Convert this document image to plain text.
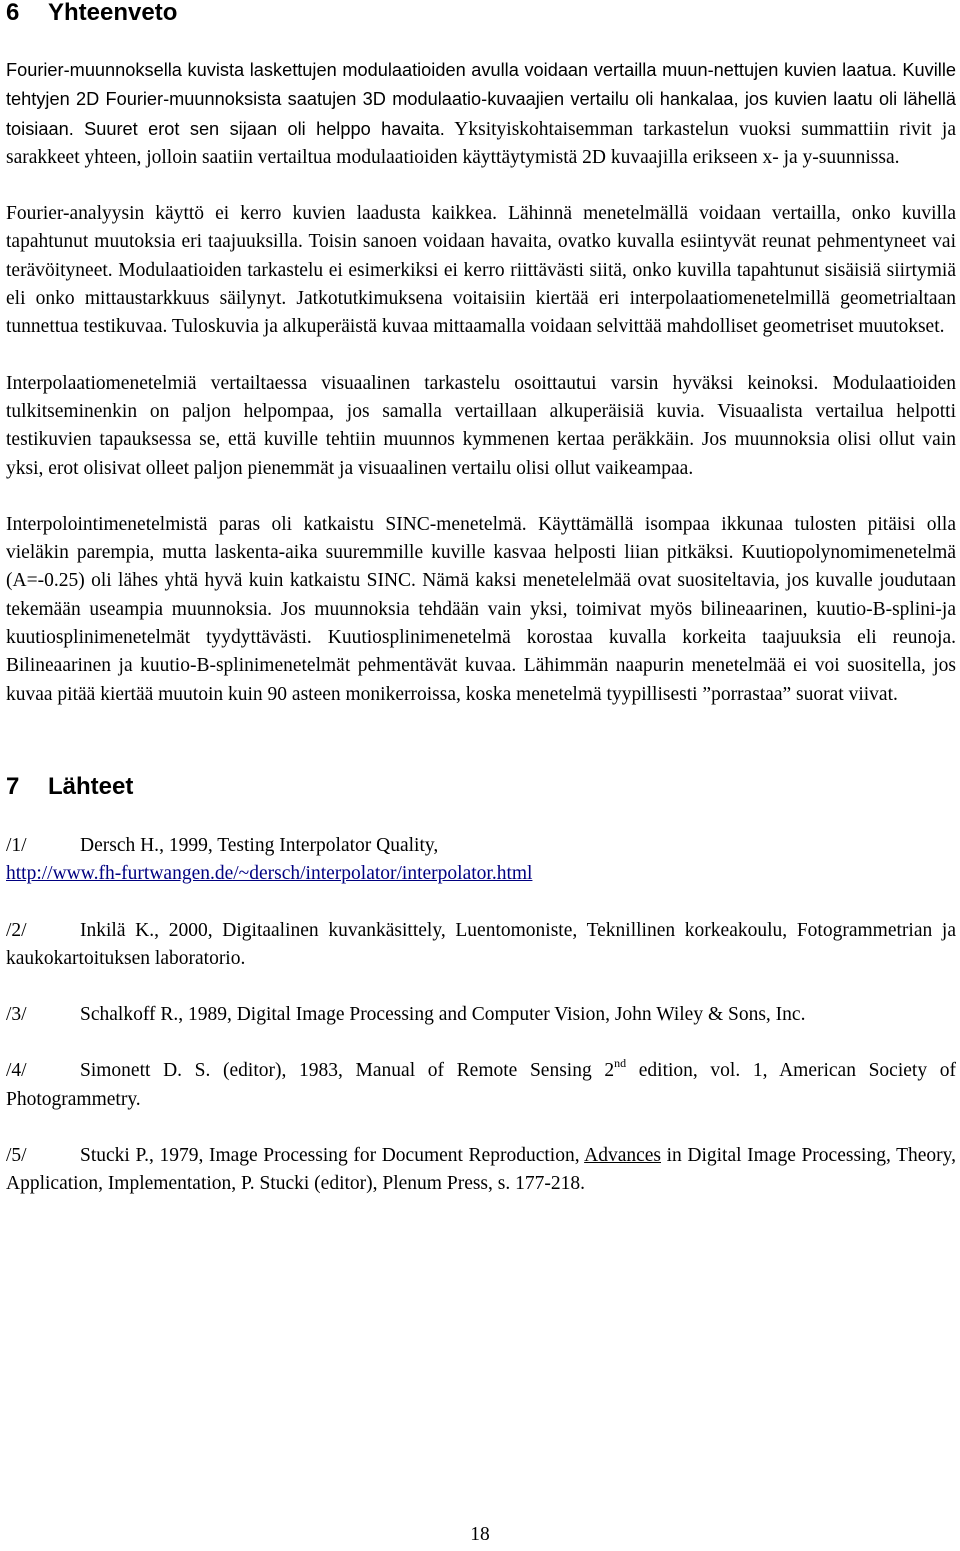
6 Yhteenveto

Fourier-muunnoksella kuvista laskettujen modulaatioiden avulla voidaan vertailla muun-nettujen kuvien laatua. Kuville tehtyjen 2D Fourier-muunnoksista saatujen 3D modulaatio-kuvaajien vertailu oli hankalaa, jos kuvien laatu oli lähellä toisiaan. Suuret erot sen sijaan oli helppo havaita. Yksityiskohtaisemman tarkastelun vuoksi summattiin rivit ja sarakkeet yhteen, jolloin saatiin vertailtua modulaatioiden käyttäytymistä 2D kuvaajilla erikseen x- ja y-suunnissa.

Fourier-analyysin käyttö ei kerro kuvien laadusta kaikkea. Lähinnä menetelmällä voidaan vertailla, onko kuvilla tapahtunut muutoksia eri taajuuksilla. Toisin sanoen voidaan havaita, ovatko kuvalla esiintyvät reunat pehmentyneet vai terävöityneet. Modulaatioiden tarkastelu ei esimerkiksi ei kerro riittävästi siitä, onko kuvilla tapahtunut sisäisiä siirtymiä eli onko mittaustarkkuus säilynyt. Jatkotutkimuksena voitaisiin kiertää eri interpolaatiomenetelmillä geometrialtaan tunnettua testikuvaa. Tuloskuvia ja alkuperäistä kuvaa mittaamalla voidaan selvittää mahdolliset geometriset muutokset.

Interpolaatiomenetelmiä vertailtaessa visuaalinen tarkastelu osoittautui varsin hyväksi keinoksi. Modulaatioiden tulkitseminenkin on paljon helpompaa, jos samalla vertaillaan alkuperäisiä kuvia. Visuaalista vertailua helpotti testikuvien tapauksessa se, että kuville tehtiin muunnos kymmenen kertaa peräkkäin. Jos muunnoksia olisi ollut vain yksi, erot olisivat olleet paljon pienemmät ja visuaalinen vertailu olisi ollut vaikeampaa.

Interpolointimenetelmistä paras oli katkaistu SINC-menetelmä. Käyttämällä isompaa ikkunaa tulosten pitäisi olla vieläkin parempia, mutta laskenta-aika suuremmille kuville kasvaa helposti liian pitkäksi. Kuutiopolynomimenetelmä (A=-0.25) oli lähes yhtä hyvä kuin katkaistu SINC. Nämä kaksi menetelelmää ovat suositeltavia, jos kuvalle joudutaan tekemään useampia muunnoksia. Jos muunnoksia tehdään vain yksi, toimivat myös bilineaarinen, kuutio-B-splini-ja kuutiosplinimenetelmät tyydyttävästi. Kuutiosplinimenetelmä korostaa kuvalla korkeita taajuuksia eli reunoja. Bilineaarinen ja kuutio-B-splinimenetelmät pehmentävät kuvaa. Lähimmän naapurin menetelmää ei voi suositella, jos kuvaa pitää kiertää muutoin kuin 90 asteen monikerroissa, koska menetelmä tyypillisesti ”porrastaa” suorat viivat.

7 Lähteet

/1/	Dersch H., 1999, Testing Interpolator Quality,
http://www.fh-furtwangen.de/~dersch/interpolator/interpolator.html

/2/	Inkilä K., 2000, Digitaalinen kuvankäsittely, Luentomoniste, Teknillinen korkeakoulu, Fotogrammetrian ja kaukokartoituksen laboratorio.

/3/	Schalkoff R., 1989, Digital Image Processing and Computer Vision, John Wiley & Sons, Inc.

/4/	Simonett D. S. (editor), 1983, Manual of Remote Sensing 2nd edition, vol. 1, American Society of Photogrammetry.

/5/	Stucki P., 1979, Image Processing for Document Reproduction, Advances in Digital Image Processing, Theory, Application, Implementation, P. Stucki (editor), Plenum Press, s. 177-218.

18
